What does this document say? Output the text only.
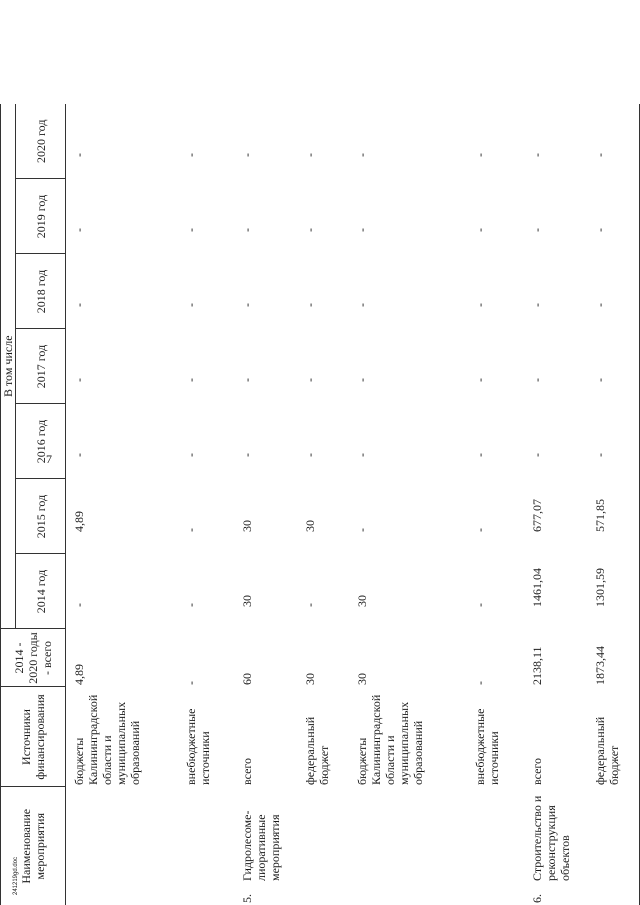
7
241219gd.doc Наименование мероприятия	Источники финансирования	2014 - 2020 годы - всего	В том числе							
			2014 год	2015 год	2016 год	2017 год	2018 год	2019 год	2020 год	
	бюджеты Калининградской области и муниципальных образований	4,89	-	4,89	-	-	-	-	-	
	внебюджетные источники	-	-	-	-	-	-	-	-	
5.Гидролесоме-лиоративные мероприятия	всего	60	30	30	-	-	-	-	-	
	федеральный бюджет	30	-	30	-	-	-	-	-	
	бюджеты Калининградской области и муниципальных образований	30	30	-	-	-	-	-	-	
	внебюджетные источники	-	-	-	-	-	-	-	-	
6.Строительство и реконструкция объектов	всего	2138,11	1461,04	677,07	-	-	-	-	-	
	федеральный бюджет	1873,44	1301,59	571,85	-	-	-	-	-	
